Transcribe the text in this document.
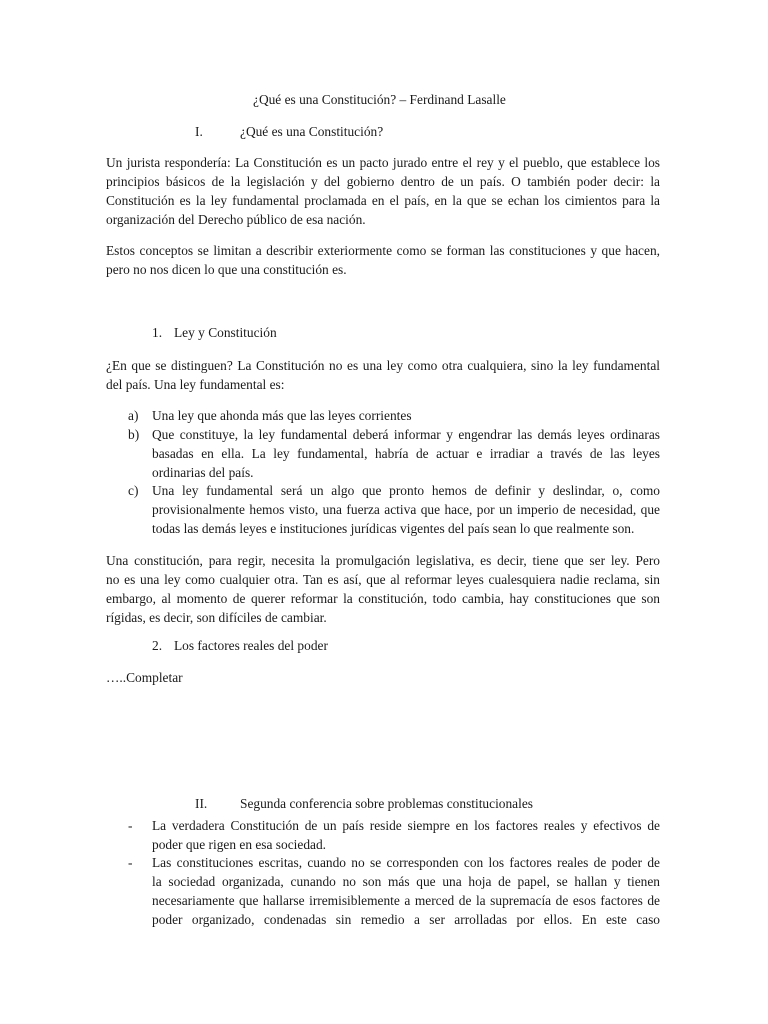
¿Qué es una Constitución? – Ferdinand Lasalle
I.	¿Qué es una Constitución?
Un jurista respondería: La Constitución es un pacto jurado entre el rey y el pueblo, que establece los
principios básicos de la legislación y del gobierno dentro de un país. O también poder decir: la
Constitución es la ley fundamental proclamada en el país, en la que se echan los cimientos para la
organización del Derecho público de esa nación.
Estos conceptos se limitan a describir exteriormente como se forman las constituciones y que hacen,
pero no nos dicen lo que una constitución es.
1. Ley y Constitución
¿En que se distinguen? La Constitución no es una ley como otra cualquiera, sino la ley fundamental
del país. Una ley fundamental es:
a) Una ley que ahonda más que las leyes corrientes
b) Que constituye, la ley fundamental deberá informar y engendrar las demás leyes ordinaras
basadas en ella. La ley fundamental, habría de actuar e irradiar a través de las leyes
ordinarias del país.
c) Una ley fundamental será un algo que pronto hemos de definir y deslindar, o, como
provisionalmente hemos visto, una fuerza activa que hace, por un imperio de necesidad, que
todas las demás leyes e instituciones jurídicas vigentes del país sean lo que realmente son.
Una constitución, para regir, necesita la promulgación legislativa, es decir, tiene que ser ley. Pero
no es una ley como cualquier otra. Tan es así, que al reformar leyes cualesquiera nadie reclama, sin
embargo, al momento de querer reformar la constitución, todo cambia, hay constituciones que son
rígidas, es decir, son difíciles de cambiar.
2. Los factores reales del poder
…..Completar
II. Segunda conferencia sobre problemas constitucionales
- La verdadera Constitución de un país reside siempre en los factores reales y efectivos de
poder que rigen en esa sociedad.
- Las constituciones escritas, cuando no se corresponden con los factores reales de poder de
la sociedad organizada, cunando no son más que una hoja de papel, se hallan y tienen
necesariamente que hallarse irremisiblemente a merced de la supremacía de esos factores de
poder organizado, condenadas sin remedio a ser arrolladas por ellos. En este caso
